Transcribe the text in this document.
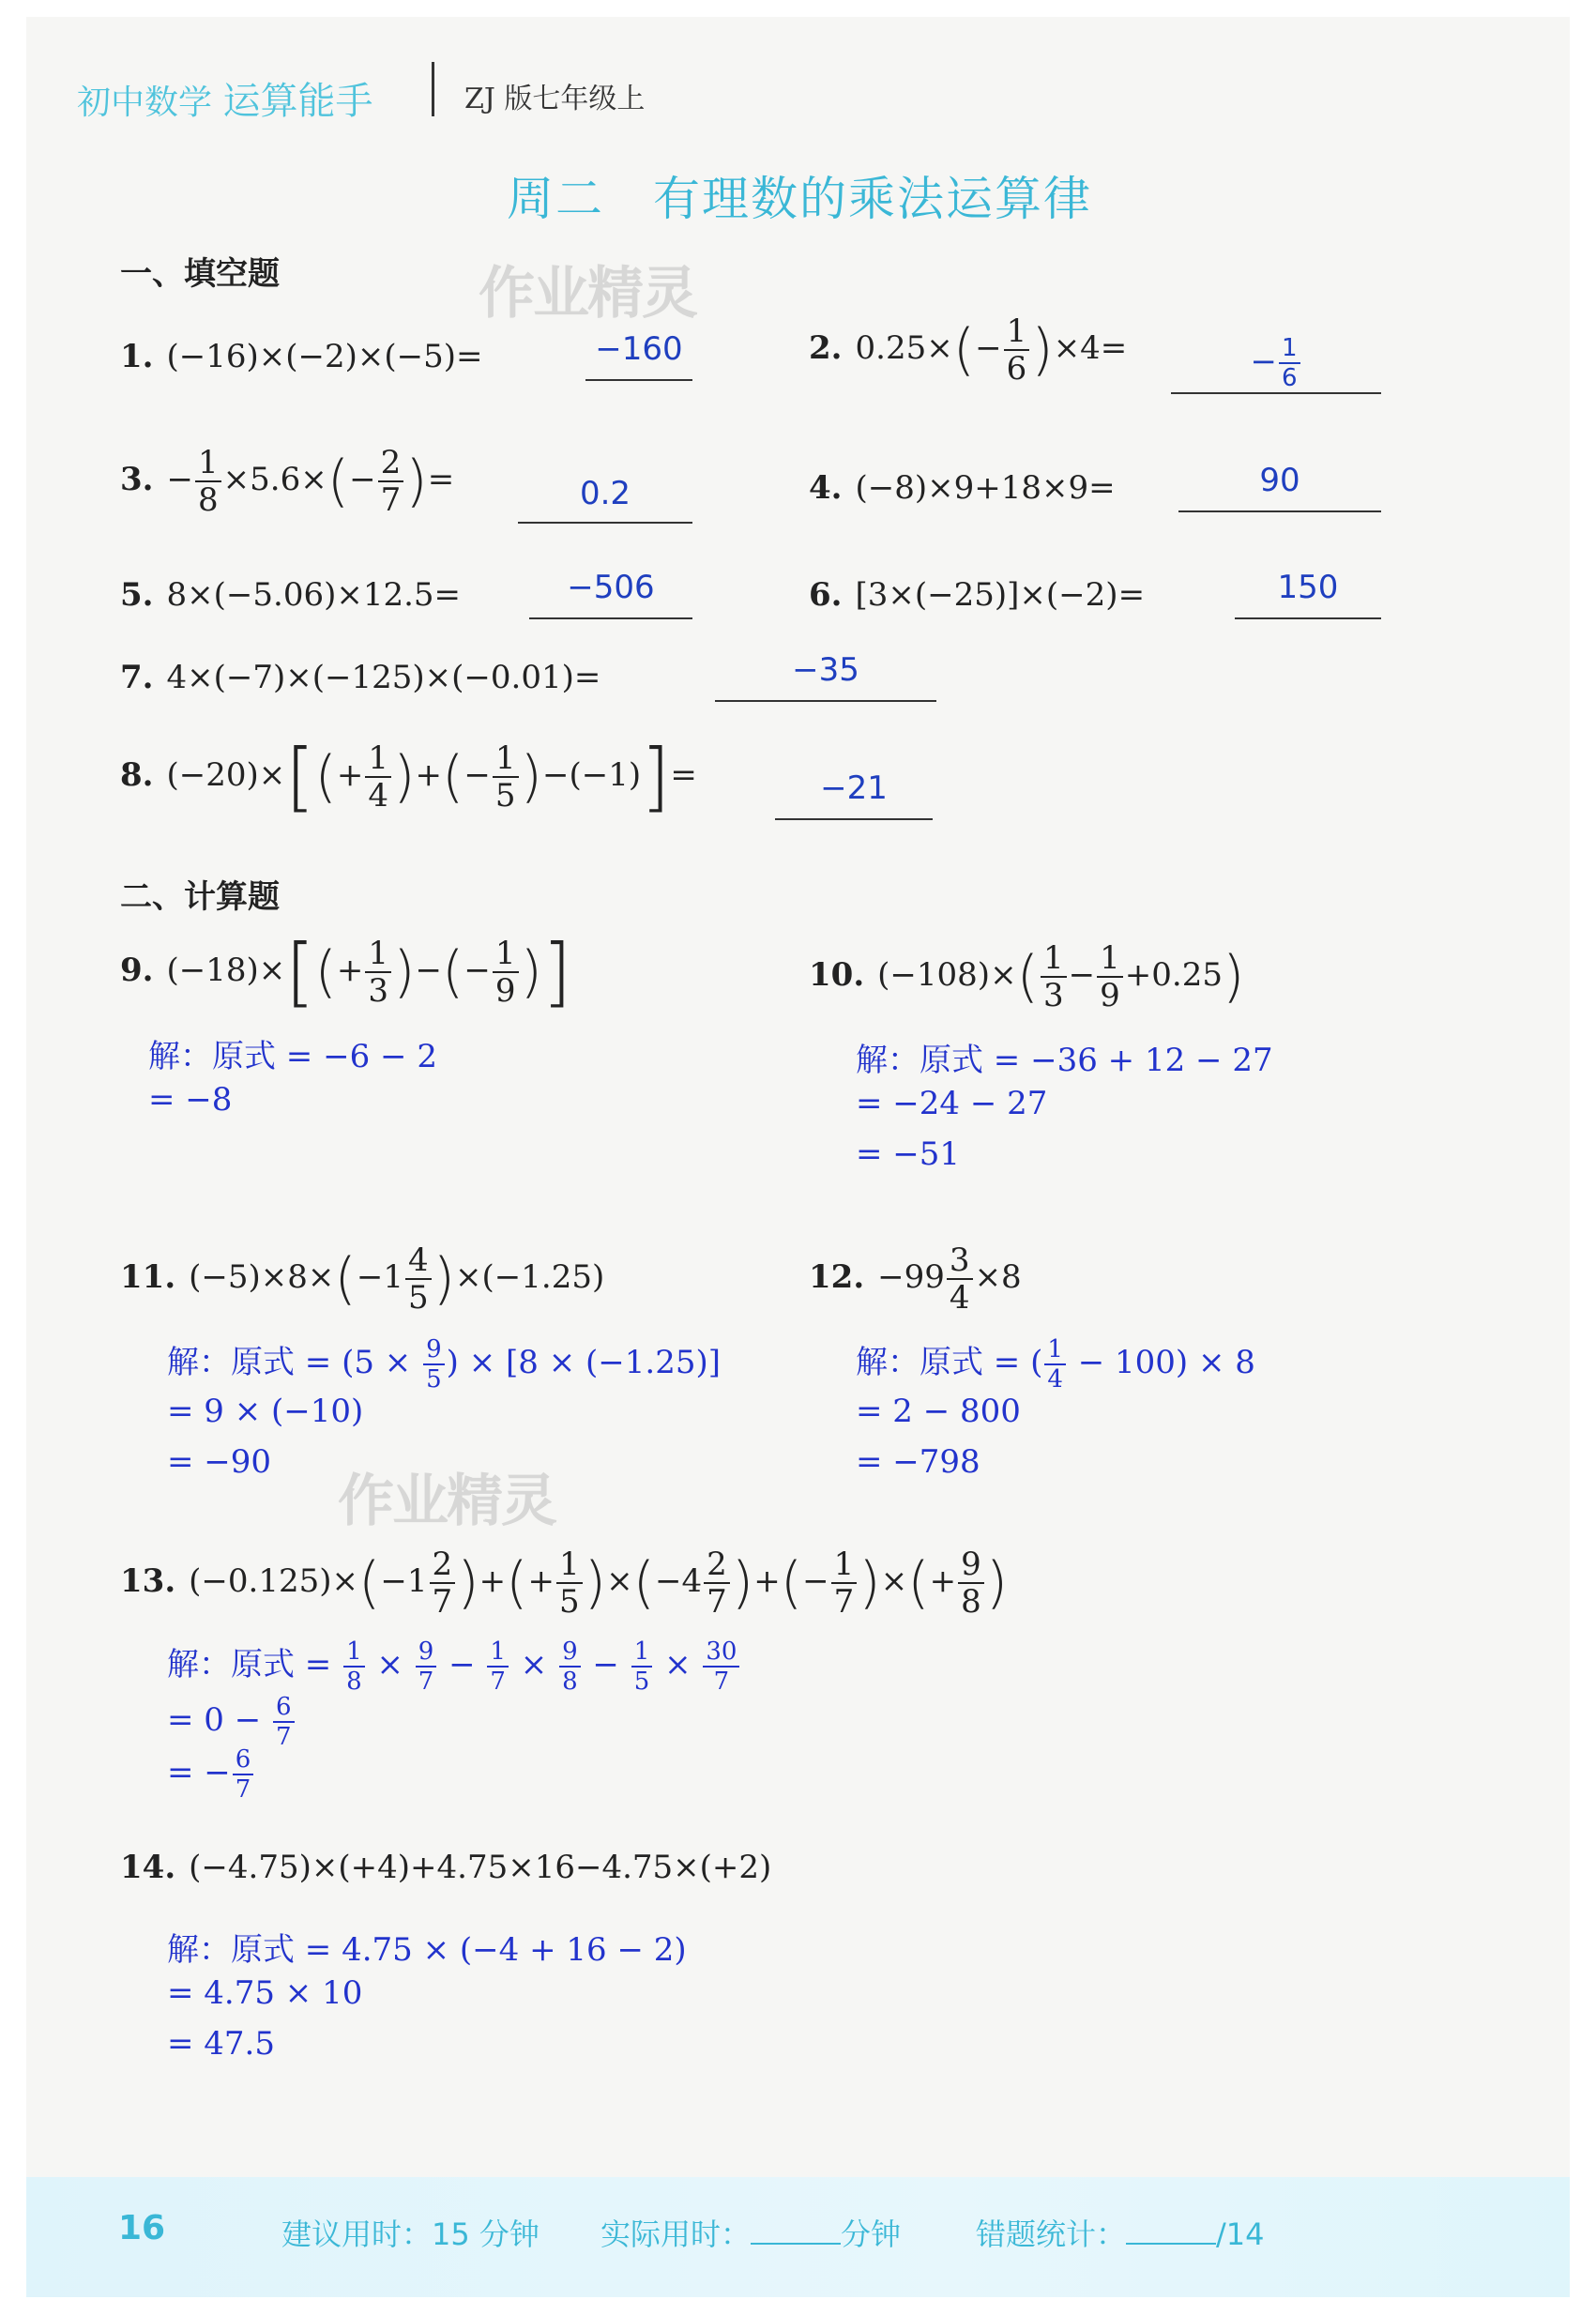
初中数学 运算能手	ZJ 版七年级上
周二　有理数的乘法运算律
作业精灵
作业精灵
一、填空题
1. (−16)×(−2)×(−5)=	−160	2. $0.25\times(- \frac{1}{6} )\times 4=$	− $\frac{1}{6}$
3. − $\frac{1}{8} \times 5.6\times(- \frac{2}{7}$ )=	0.2	4. (−8)×9+18×9=	90
5. 8×(−5.06)×12.5=	−506	6. [3×(−25)]×(−2)=	150
7. 4×(−7)×(−125)×(−0.01)=	−35
8. $(-20)\times[(+ \frac{1}{4}$ )+(− $\frac{1}{5} )-(-1)]=$	−21
二、计算题
9. $(-18)\times[(+ \frac{1}{3}$ )−(− $\frac{1}{9}$ )]
解：原式 = −6 − 2
= −8
10. $(-108)\times( \frac{1}{3} - \frac{1}{9} +0.25)$
解：原式 = −36 + 12 − 27
= −24 − 27
= −51
11. $(-5)\times 8\times(-1 \frac{4}{5} )\times(-1.25)$
解：原式 = ($5 \times \frac{9}{5}$ ) × [8 × (−1.25)]
= 9 × (−10)
= −90
12. $-99 \frac{3}{4} \times 8$
解：原式 = ( $\frac{1}{4} - 100) \times 8$
= 2 − 800
= −798
13. $(-0.125)\times(-1 \frac{2}{7}$ )+(+ $\frac{1}{5} )\times(-4 \frac{2}{7}$ )+(− $\frac{1}{7}$ )×(+ $\frac{9}{8}$ )
解：原式 = $\frac{1}{8} \times \frac{9}{7} - \frac{1}{7} \times \frac{9}{8} - \frac{1}{5} \times \frac{30}{7}$
= $0 - \frac{6}{7}$
= − $\frac{6}{7}$
14. (−4.75)×(+4)+4.75×16−4.75×(+2)
解：原式 = 4.75 × (−4 + 16 − 2)
= 4.75 × 10
= 47.5
16	建议用时：15 分钟 实际用时：	分钟 错题统计：	/14
